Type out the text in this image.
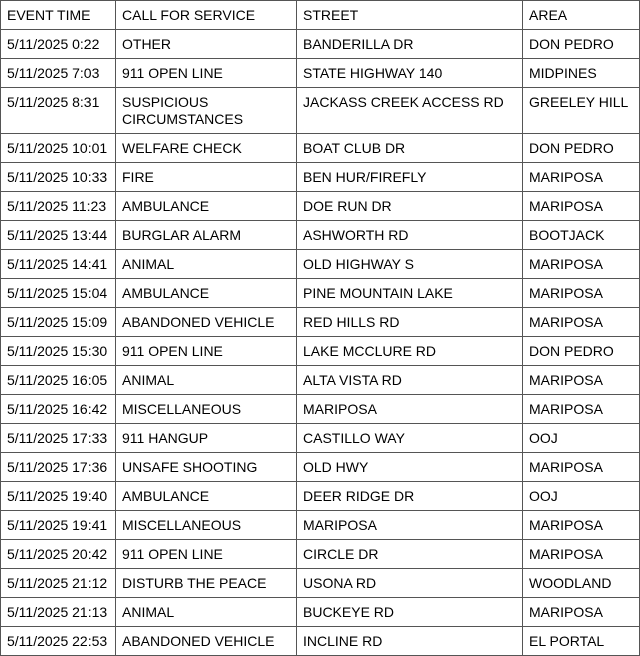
EVENT TIME	CALL FOR SERVICE	STREET	AREA
5/11/2025 0:22	OTHER	BANDERILLA DR	DON PEDRO
5/11/2025 7:03	911 OPEN LINE	STATE HIGHWAY 140	MIDPINES
5/11/2025 8:31	SUSPICIOUS CIRCUMSTANCES	JACKASS CREEK ACCESS RD	GREELEY HILL
5/11/2025 10:01	WELFARE CHECK	BOAT CLUB DR	DON PEDRO
5/11/2025 10:33	FIRE	BEN HUR/FIREFLY	MARIPOSA
5/11/2025 11:23	AMBULANCE	DOE RUN DR	MARIPOSA
5/11/2025 13:44	BURGLAR ALARM	ASHWORTH RD	BOOTJACK
5/11/2025 14:41	ANIMAL	OLD HIGHWAY S	MARIPOSA
5/11/2025 15:04	AMBULANCE	PINE MOUNTAIN LAKE	MARIPOSA
5/11/2025 15:09	ABANDONED VEHICLE	RED HILLS RD	MARIPOSA
5/11/2025 15:30	911 OPEN LINE	LAKE MCCLURE RD	DON PEDRO
5/11/2025 16:05	ANIMAL	ALTA VISTA RD	MARIPOSA
5/11/2025 16:42	MISCELLANEOUS	MARIPOSA	MARIPOSA
5/11/2025 17:33	911 HANGUP	CASTILLO WAY	OOJ
5/11/2025 17:36	UNSAFE SHOOTING	OLD HWY	MARIPOSA
5/11/2025 19:40	AMBULANCE	DEER RIDGE DR	OOJ
5/11/2025 19:41	MISCELLANEOUS	MARIPOSA	MARIPOSA
5/11/2025 20:42	911 OPEN LINE	CIRCLE DR	MARIPOSA
5/11/2025 21:12	DISTURB THE PEACE	USONA RD	WOODLAND
5/11/2025 21:13	ANIMAL	BUCKEYE RD	MARIPOSA
5/11/2025 22:53	ABANDONED VEHICLE	INCLINE RD	EL PORTAL
